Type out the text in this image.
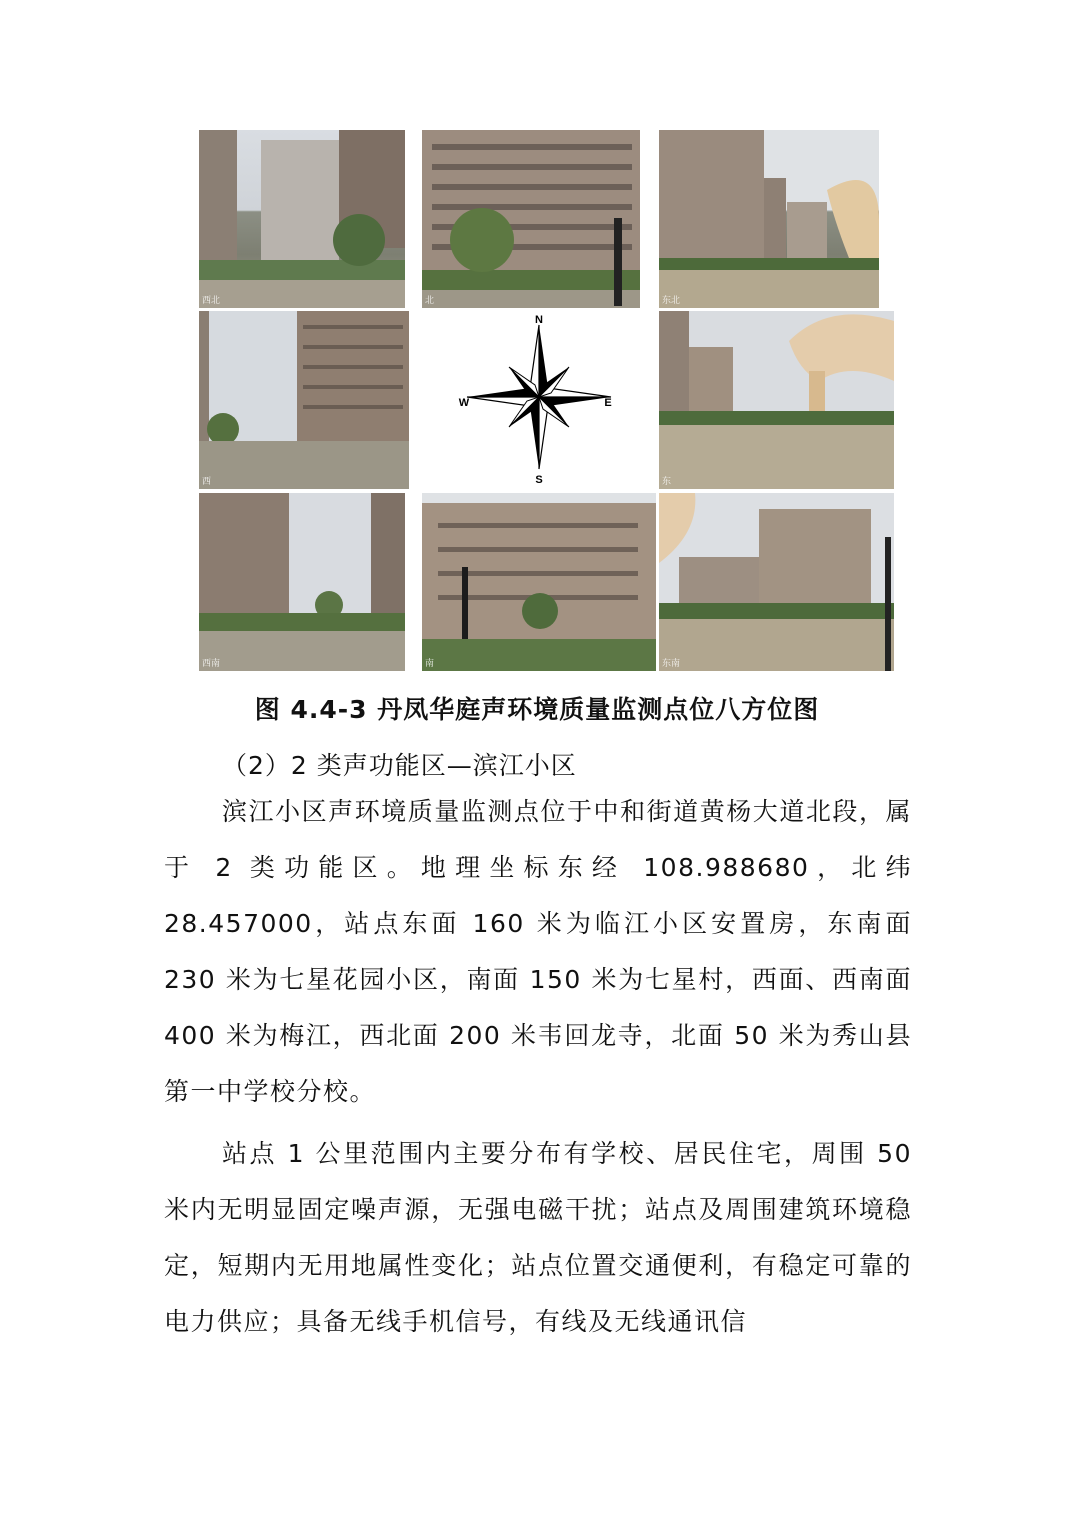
西北	北	东北
西
N
S
E
W
东
西南	南	东南
图 4.4-3 丹凤华庭声环境质量监测点位八方位图
（2）2 类声功能区—滨江小区
滨江小区声环境质量监测点位于中和街道黄杨大道北段，属于 2 类功能区。地理坐标东经 108.988680，北纬 28.457000，站点东面 160 米为临江小区安置房，东南面 230 米为七星花园小区，南面 150 米为七星村，西面、西南面 400 米为梅江，西北面 200 米韦回龙寺，北面 50 米为秀山县第一中学校分校。
站点 1 公里范围内主要分布有学校、居民住宅，周围 50 米内无明显固定噪声源，无强电磁干扰；站点及周围建筑环境稳定，短期内无用地属性变化；站点位置交通便利，有稳定可靠的电力供应；具备无线手机信号，有线及无线通讯信
